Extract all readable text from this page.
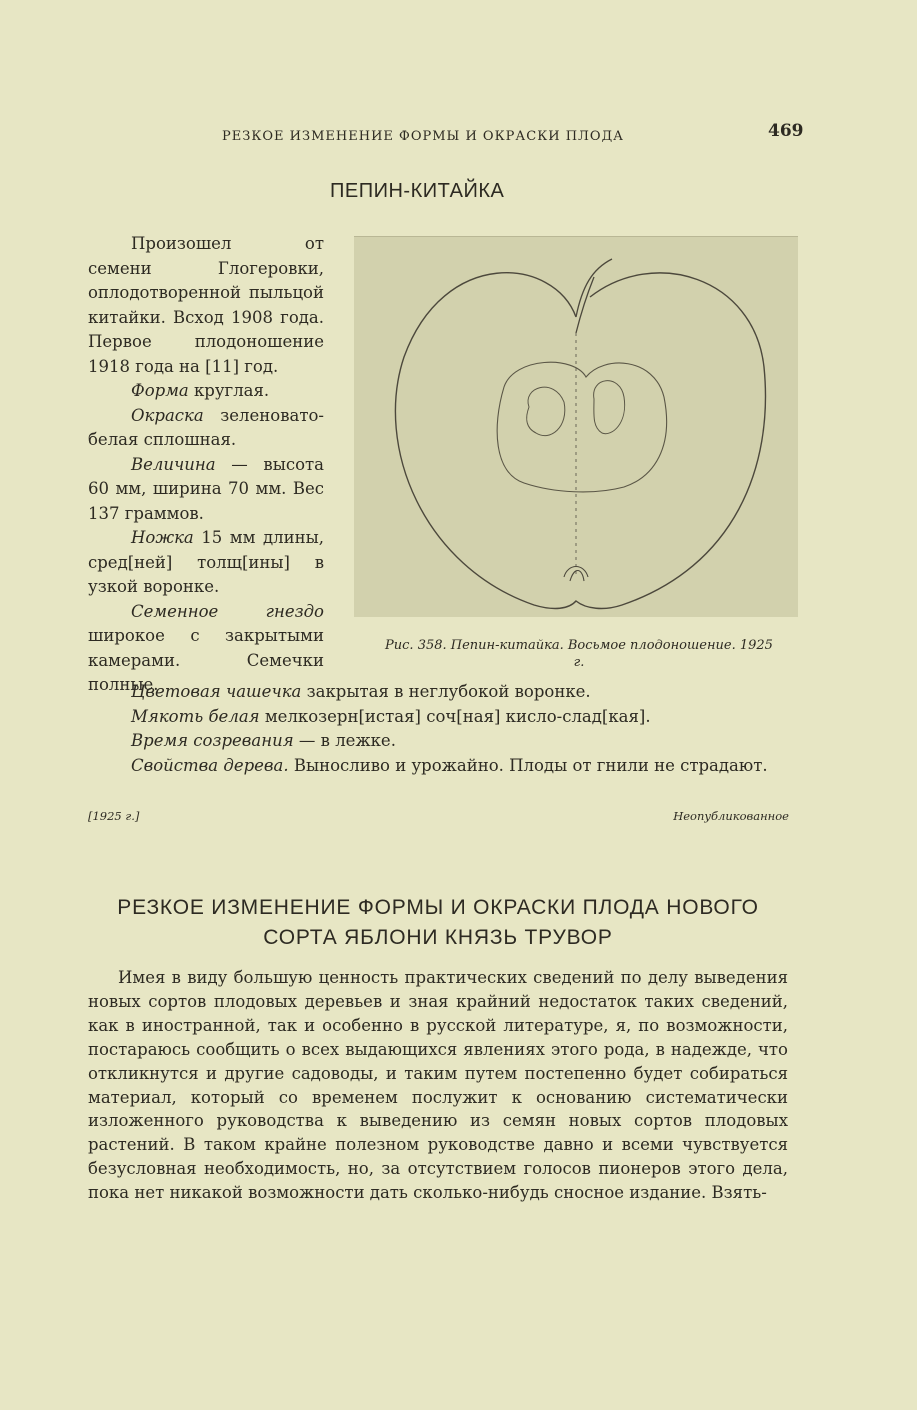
РЕЗКОЕ ИЗМЕНЕНИЕ ФОРМЫ И ОКРАСКИ ПЛОДА	469
ПЕПИН-КИТАЙКА

Произошел от семени Глогеровки, оплодотворенной пыльцой китайки. Всход 1908 года. Первое плодоношение 1918 года на [11] год.

Форма круглая.

Окраска зеленовато-белая сплошная.

Величина — высота 60 мм, ширина 70 мм. Вес 137 граммов.

Ножка 15 мм длины, сред[ней] толщ[ины] в узкой воронке.

Семенное гнездо широкое с закрытыми камерами. Семечки полные.

Рис. 358. Пепин-китайка. Восьмое плодоношение. 1925 г.

Цветовая чашечка закрытая в неглубокой воронке.

Мякоть белая мелкозерн[истая] соч[ная] кисло-слад[кая].

Время созревания — в лежке.

Свойства дерева. Выносливо и урожайно. Плоды от гнили не страдают.

[1925 г.]	Неопубликованное
РЕЗКОЕ ИЗМЕНЕНИЕ ФОРМЫ И ОКРАСКИ ПЛОДА НОВОГО СОРТА ЯБЛОНИ КНЯЗЬ ТРУВОР

Имея в виду большую ценность практических сведений по делу выведения новых сортов плодовых деревьев и зная крайний недостаток таких сведений, как в иностранной, так и особенно в русской литературе, я, по возможности, постараюсь сообщить о всех выдающихся явлениях этого рода, в надежде, что откликнутся и другие садоводы, и таким путем постепенно будет собираться материал, который со временем послужит к основанию систематически изложенного руководства к выведению из семян новых сортов плодовых растений. В таком крайне полезном руководстве давно и всеми чувствуется безусловная необходимость, но, за отсутствием голосов пионеров этого дела, пока нет никакой возможности дать сколько-нибудь сносное издание. Взять-
